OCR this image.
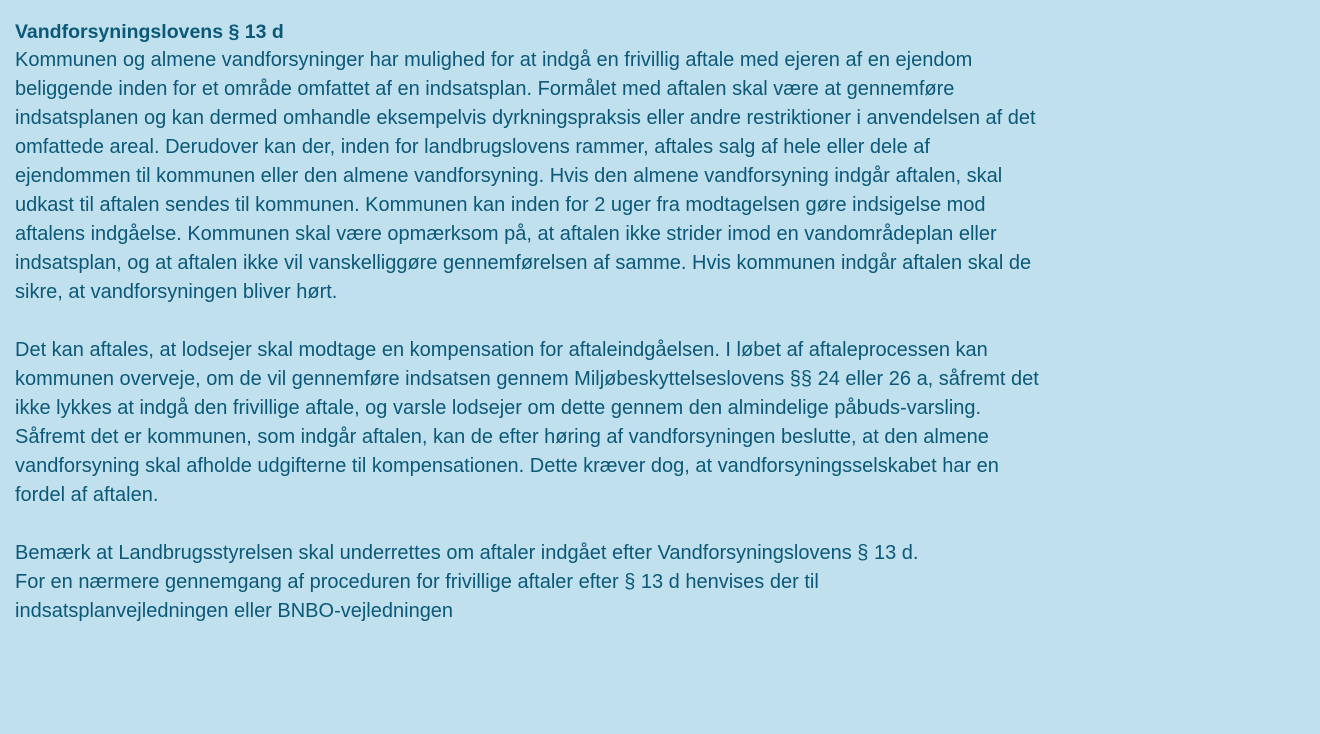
Vandforsyningslovens § 13 d

Kommunen og almene vandforsyninger har mulighed for at indgå en frivillig aftale med ejeren af en ejendom
beliggende inden for et område omfattet af en indsatsplan. Formålet med aftalen skal være at gennemføre
indsatsplanen og kan dermed omhandle eksempelvis dyrkningspraksis eller andre restriktioner i anvendelsen af det
omfattede areal. Derudover kan der, inden for landbrugslovens rammer, aftales salg af hele eller dele af
ejendommen til kommunen eller den almene vandforsyning. Hvis den almene vandforsyning indgår aftalen, skal
udkast til aftalen sendes til kommunen. Kommunen kan inden for 2 uger fra modtagelsen gøre indsigelse mod
aftalens indgåelse. Kommunen skal være opmærksom på, at aftalen ikke strider imod en vandområdeplan eller
indsatsplan, og at aftalen ikke vil vanskelliggøre gennemførelsen af samme. Hvis kommunen indgår aftalen skal de
sikre, at vandforsyningen bliver hørt.

Det kan aftales, at lodsejer skal modtage en kompensation for aftaleindgåelsen. I løbet af aftaleprocessen kan
kommunen overveje, om de vil gennemføre indsatsen gennem Miljøbeskyttelseslovens §§ 24 eller 26 a, såfremt det
ikke lykkes at indgå den frivillige aftale, og varsle lodsejer om dette gennem den almindelige påbuds-varsling.
Såfremt det er kommunen, som indgår aftalen, kan de efter høring af vandforsyningen beslutte, at den almene
vandforsyning skal afholde udgifterne til kompensationen. Dette kræver dog, at vandforsyningsselskabet har en
fordel af aftalen.

Bemærk at Landbrugsstyrelsen skal underrettes om aftaler indgået efter Vandforsyningslovens § 13 d.
For en nærmere gennemgang af proceduren for frivillige aftaler efter § 13 d henvises der til
indsatsplanvejledningen eller BNBO-vejledningen
